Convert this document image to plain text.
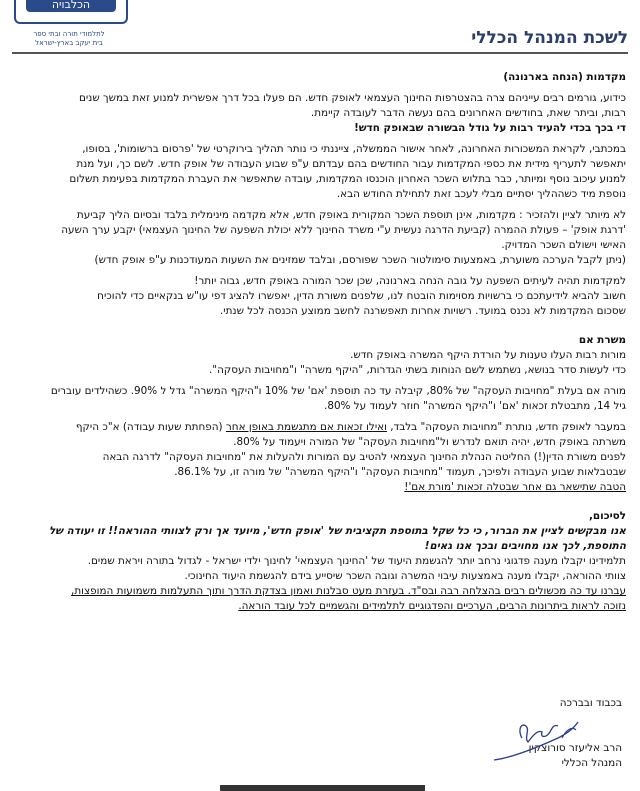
הכלבויה
לתלמודי תורה ובתי ספר
בית יעקב בארץ-ישראל	לשכת המנהל הכללי

מקדמות (הנחה בארנונה)

כידוע, גורמים רבים עייניהם צרה בהצטרפות החינוך העצמאי לאופק חדש. הם פעלו בכל דרך אפשרית למנוע זאת במשך שנים

רבות, וביתר שאת, בחודשים האחרונים בהם נעשה הדבר לעובדה קיימת.

די בכך בכדי להעיד רבות על גודל הבשורה שבאופק חדש!

במכתבי, לקראת המשכורות האחרונה, לאחר אישור הממשלה, צייננתי כי נותר תהליך בירוקרטי של 'פרסום ברשומות', בסופו,

יתאפשר לתעריף מידית את כספי המקדמות עבור החודשים בהם עבדתם ע"פ שבוע העבודה של אופק חדש. לשם כך, ועל מנת

למנוע עיכוב נוסף ומיותר, כבר בתלוש השכר האחרון הוכנסו המקדמות, עובדה שתאפשר את העברת המקדמות בפעימת תשלום

נוספת מיד כשההליך יסתיים מבלי לעכב זאת לתחילת החודש הבא.

לא מיותר לציין ולהזכיר : מקדמות, אינן תוספת השכר המקורית באופק חדש, אלא מקדמה מינימלית בלבד ובסיום הליך קביעת

'דרגת אופק' – פעולת ההמרה (קביעת הדרגה נעשית ע"י משרד החינוך ללא יכולת השפעה של החינוך העצמאי) יקבע ערך השעה

האישי וישולם השכר המדויק.

(ניתן לקבל הערכה משוערת, באמצעות סימולטור השכר שפורסם, ובלבד שמזינים את השעות המעודכנות ע"פ אופק חדש)

למקדמות תהיה לעיתים השפעה על גובה הנחה בארנונה, שכן שכר המורה באופק חדש, גבוה יותר!

חשוב להביא לידיעתכם כי ברשויות מסוימות הובטח לנו, שלפנים משורת הדין, יאפשרו להציג דפי עו"ש בנקאיים כדי להוכיח

שסכום המקדמות לא נכנס במועד. רשויות אחרות תאפשרנה לחשב ממוצע הכנסה לכל שנתי.

משרת אם

מורות רבות העלו טענות על הורדת היקף המשרה באופק חדש.

כדי לעשות סדר בנושא, נשתמש לשם הנוחות בשתי הגדרות, "היקף משרה" ו"מחויבות העסקה".

מורה אם בעלת "מחויבות העסקה" של 80%, קיבלה עד כה תוספת 'אם' של 10% ו"היקף המשרה" גדל ל 90%. כשהילדים עוברים

גיל 14, מתבטלת זכאות 'אם' ו"היקף המשרה" חוזר לעמוד על 80%.

במעבר לאופק חדש, נותרת "מחויבות העסקה" בלבד, ואילו זכאות אם מתגשמת באופן אחר (הפחתת שעות עבודה) א"כ היקף

משרתה באופק חדש, יהיה תואם לנדרש ול"מחויבות העסקה" של המורה ויעמוד על 80%.

לפנים משורת הדין(!) החליטה הנהלת החינוך העצמאי להטיב עם המורות ולהעלות את "מחויבות העסקה" לדרגה הבאה

שבטבלאות שבוע העבודה ולפיכך, תעמוד "מחויבות העסקה" ו"היקף המשרה" של מורה זו, על 86.1%.

הטבה שתישאר גם אחר שבטלה זכאות 'מורת אם'!

לסיכום,

אנו מבקשים לציין את הברור, כי כל שקל בתוספת תקציבית של 'אופק חדש', מיועד אך ורק לצוותי ההוראה!! זו יעודה של

התוספת, לכך אנו מחויבים ובכך אנו גאים!

תלמידינו יקבלו מענה פדגוגי נרחב יותר להגשמת היעוד של 'החינוך העצמאי' לחינוך ילדי ישראל - לגדול בתורה ויראת שמים.

צוותי ההוראה, יקבלו מענה באמצעות עיבוי המשרה וגובה השכר שיסייע בידם להגשמת היעוד החינוכי.

עברנו עד כה מכשולים רבים בהצלחה רבה ובס"ד. בעזרת מעט סבלנות ואמון בצדקת הדרך ותוך התעלמות משמועות המופצות,

נזוכה לראות ביתרונות הרבים, הערכיים והפדגוגיים לתלמידים והגשמיים לכל עובד הוראה.

בכבוד ובברכה

הרב אליעזר סורוצקין

המנהל הכללי
